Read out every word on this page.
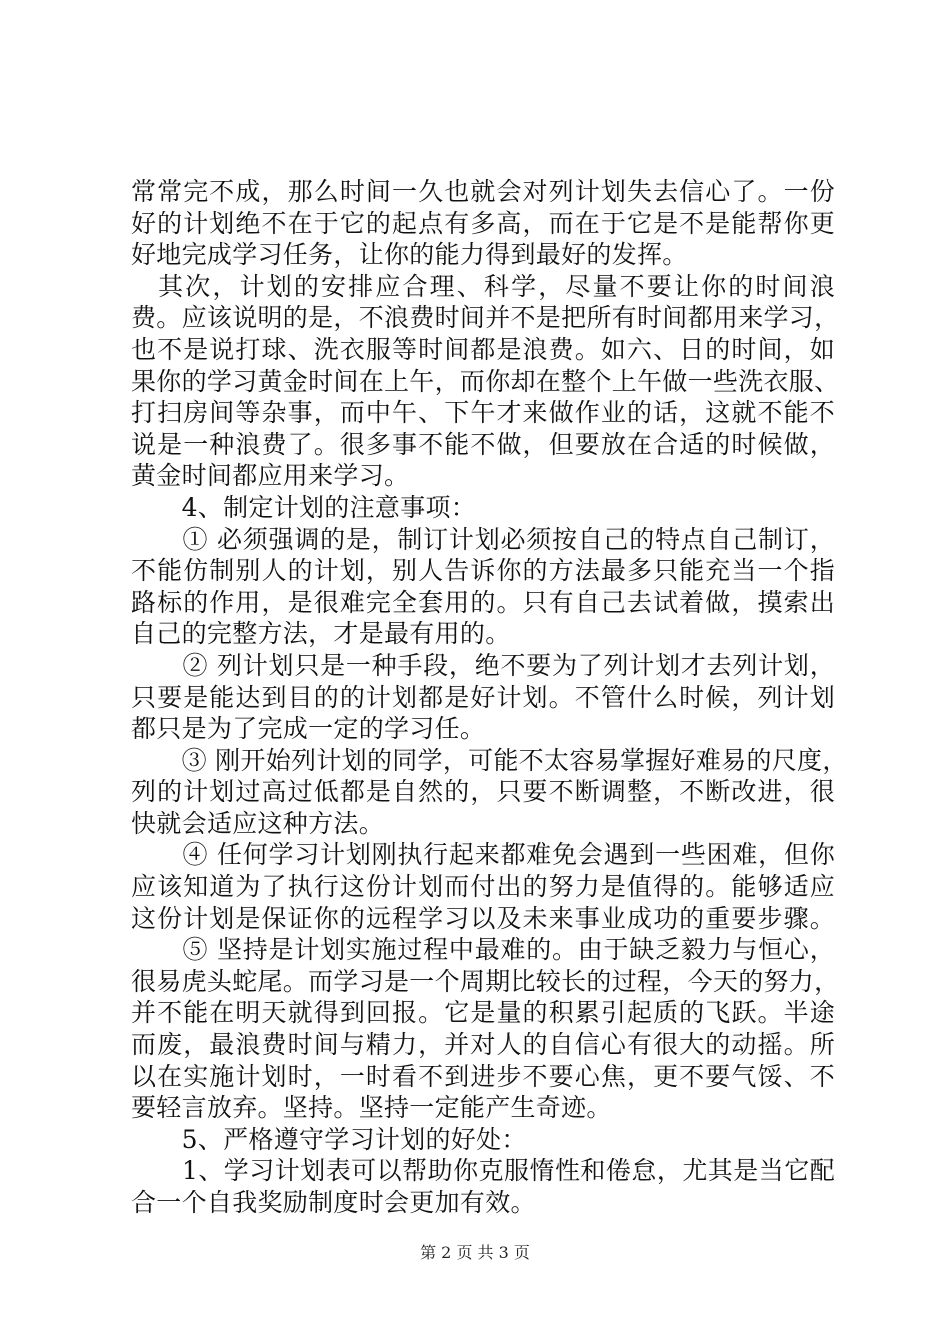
常常完不成，那么时间一久也就会对列计划失去信心了。一份
好的计划绝不在于它的起点有多高，而在于它是不是能帮你更
好地完成学习任务，让你的能力得到最好的发挥。
　其次，计划的安排应合理、科学，尽量不要让你的时间浪
费。应该说明的是，不浪费时间并不是把所有时间都用来学习，
也不是说打球、洗衣服等时间都是浪费。如六、日的时间，如
果你的学习黄金时间在上午，而你却在整个上午做一些洗衣服、
打扫房间等杂事，而中午、下午才来做作业的话，这就不能不
说是一种浪费了。很多事不能不做，但要放在合适的时候做，
黄金时间都应用来学习。
　　4、制定计划的注意事项：
　　① 必须强调的是，制订计划必须按自己的特点自己制订，
不能仿制别人的计划，别人告诉你的方法最多只能充当一个指
路标的作用，是很难完全套用的。只有自己去试着做，摸索出
自己的完整方法，才是最有用的。
　　② 列计划只是一种手段，绝不要为了列计划才去列计划，
只要是能达到目的的计划都是好计划。不管什么时候，列计划
都只是为了完成一定的学习任。
　　③ 刚开始列计划的同学，可能不太容易掌握好难易的尺度，
列的计划过高过低都是自然的，只要不断调整，不断改进，很
快就会适应这种方法。
　　④ 任何学习计划刚执行起来都难免会遇到一些困难，但你
应该知道为了执行这份计划而付出的努力是值得的。能够适应
这份计划是保证你的远程学习以及未来事业成功的重要步骤。
　　⑤ 坚持是计划实施过程中最难的。由于缺乏毅力与恒心，
很易虎头蛇尾。而学习是一个周期比较长的过程，今天的努力，
并不能在明天就得到回报。它是量的积累引起质的飞跃。半途
而废，最浪费时间与精力，并对人的自信心有很大的动摇。所
以在实施计划时，一时看不到进步不要心焦，更不要气馁、不
要轻言放弃。坚持。坚持一定能产生奇迹。
　　5、严格遵守学习计划的好处：
　　1、学习计划表可以帮助你克服惰性和倦怠，尤其是当它配
合一个自我奖励制度时会更加有效。
第 2 页 共 3 页
